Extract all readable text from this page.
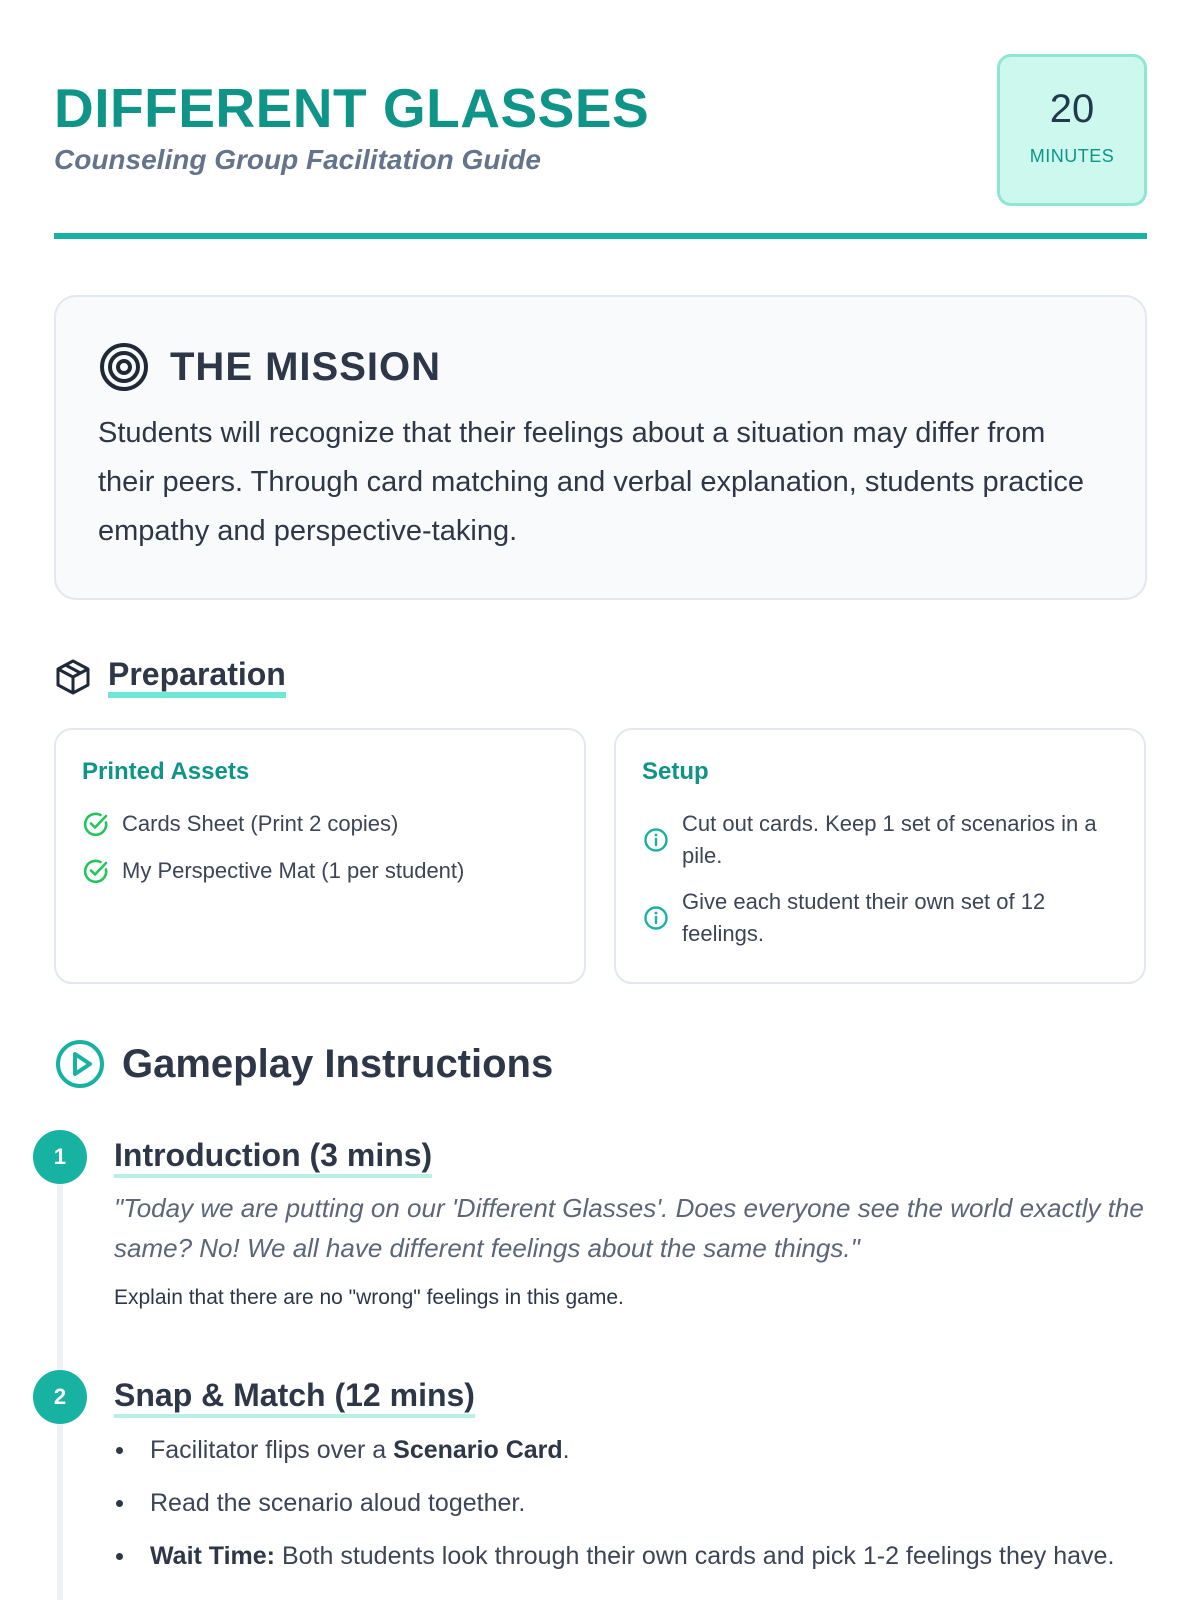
DIFFERENT GLASSES
Counseling Group Facilitation Guide
20
MINUTES
THE MISSION

Students will recognize that their feelings about a situation may differ from their peers. Through card matching and verbal explanation, students practice empathy and perspective-taking.

Preparation
Printed Assets
Cards Sheet (Print 2 copies)
My Perspective Mat (1 per student)
Setup
Cut out cards. Keep 1 set of scenarios in a pile.
Give each student their own set of 12 feelings.
Gameplay Instructions
1	Introduction (3 mins)

"Today we are putting on our 'Different Glasses'. Does everyone see the world exactly the same? No! We all have different feelings about the same things."

Explain that there are no "wrong" feelings in this game.

2	Snap & Match (12 mins)
Facilitator flips over a Scenario Card.
Read the scenario aloud together.
Wait Time: Both students look through their own cards and pick 1-2 feelings they have.
